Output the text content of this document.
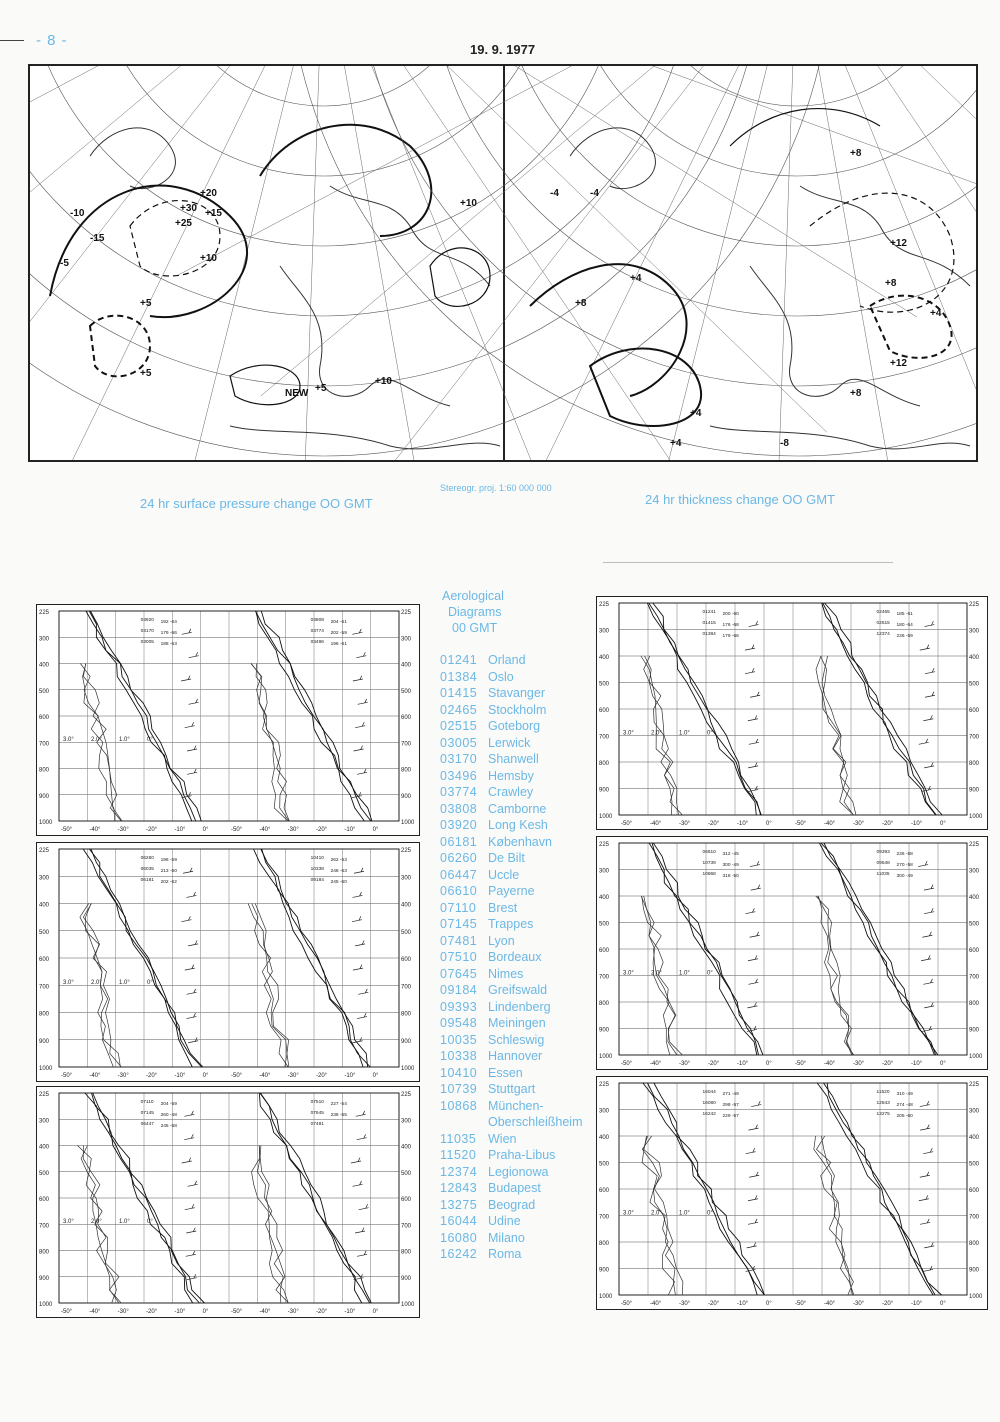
- 8 -
19. 9. 1977
+20
+25
+30 +15
+10
+5
-5
-10
-15
+5
+10
NEW +5
+10
+8
+4
-4
+12
+8
+4
+8
+4
-4
-8
+4
+8
+12
24 hr surface pressure change OO GMT
Stereogr. proj. 1:60 000 000
24 hr thickness change OO GMT
225	225
300	300
400	400
500	500
600	600
700	700
800	800
900	900
1000	1000
-50°	-50°
-40°	-40°
-30°	-30°
-20°	-20°
-10°	-10°
0°	0°
3.0°	2.0°	1.0°	0°
03920 192 -64
03170 179 -66
03005 188 -63
03808 204 -61
03774 202 -59
03496 196 -61
225	225
300	300
400	400
500	500
600	600
700	700
800	800
900	900
1000	1000
-50°	-50°
-40°	-40°
-30°	-30°
-20°	-20°
-10°	-10°
0°	0°
3.0°	2.0°	1.0°	0°
06260 198 -59
06035 213 -60
06181 202 -62
10410 262 -63
10338 248 -63
09184 245 -60
225	225
300	300
400	400
500	500
600	600
700	700
800	800
900	900
1000	1000
-50°	-50°
-40°	-40°
-30°	-30°
-20°	-20°
-10°	-10°
0°	0°
3.0°	2.0°	1.0°	0°
07110 204 -59
07145 260 -48
06447 245 -58
07510 227 -54
07645 238 -55
07481
225	225
300	300
400	400
500	500
600	600
700	700
800	800
900	900
1000	1000
-50°	-50°
-40°	-40°
-30°	-30°
-20°	-20°
-10°	-10°
0°	0°
3.0°	2.0°	1.0°	0°
01241 200 -60
01415 176 -68
01384 179 -66
02465 185 -61
02515 180 -64
12374 236 -59
225	225
300	300
400	400
500	500
600	600
700	700
800	800
900	900
1000	1000
-50°	-50°
-40°	-40°
-30°	-30°
-20°	-20°
-10°	-10°
0°	0°
3.0°	2.0°	1.0°	0°
06610 312 -45
10739 300 -49
10868 318 -50
09393 236 -58
09548 270 -58
11035 300 -49
225	225
300	300
400	400
500	500
600	600
700	700
800	800
900	900
1000	1000
-50°	-50°
-40°	-40°
-30°	-30°
-20°	-20°
-10°	-10°
0°	0°
3.0°	2.0°	1.0°	0°
16044 271 -49
16080 298 -57
16242 229 -57
11520 310 -49
12843 274 -48
13275 205 -60
Aerological
Diagrams
00 GMT
01241 Orland
01384 Oslo
01415 Stavanger
02465 Stockholm
02515 Goteborg
03005 Lerwick
03170 Shanwell
03496 Hemsby
03774 Crawley
03808 Camborne
03920 Long Kesh
06181 København
06260 De Bilt
06447 Uccle
06610 Payerne
07110 Brest
07145 Trappes
07481 Lyon
07510 Bordeaux
07645 Nimes
09184 Greifswald
09393 Lindenberg
09548 Meiningen
10035 Schleswig
10338 Hannover
10410 Essen
10739 Stuttgart
10868 München-
Oberschleißheim
11035 Wien
11520 Praha-Libus
12374 Legionowa
12843 Budapest
13275 Beograd
16044 Udine
16080 Milano
16242 Roma
